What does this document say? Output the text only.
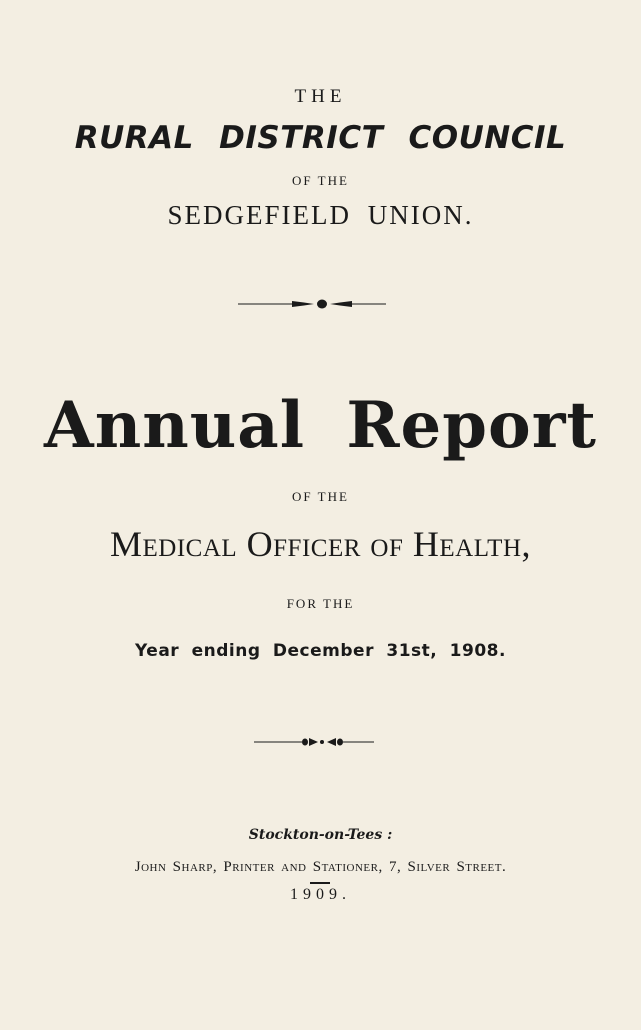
THE
RURAL DISTRICT COUNCIL
OF THE
SEDGEFIELD UNION.
Annual Report
OF THE
Medical Officer of Health,
FOR THE
Year ending December 31st, 1908.
Stockton-on-Tees :
John Sharp, Printer and Stationer, 7, Silver Street.
1909.
